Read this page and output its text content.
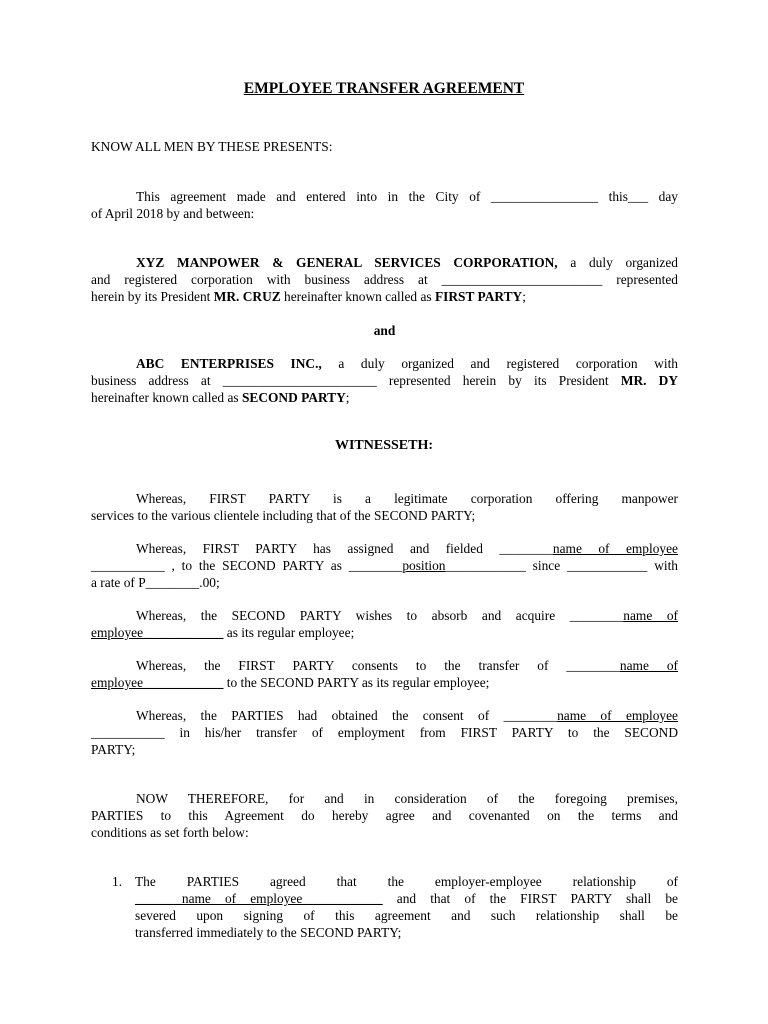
EMPLOYEE TRANSFER AGREEMENT
KNOW ALL MEN BY THESE PRESENTS:
This agreement made and entered into in the City of ________________ this___ day
of April 2018 by and between:
XYZ MANPOWER & GENERAL SERVICES CORPORATION, a duly organized
and registered corporation with business address at ________________________ represented
herein by its President MR. CRUZ hereinafter known called as FIRST PARTY;
and
ABC ENTERPRISES INC., a duly organized and registered corporation with
business address at _______________________ represented herein by its President MR. DY
hereinafter known called as SECOND PARTY;
WITNESSETH:
Whereas, FIRST PARTY is a legitimate corporation offering manpower
services to the various clientele including that of the SECOND PARTY;
Whereas, FIRST PARTY has assigned and fielded ________name of employee
___________ , to the SECOND PARTY as ________position____________ since ____________ with
a rate of P________.00;
Whereas, the SECOND PARTY wishes to absorb and acquire ________name of
employee____________ as its regular employee;
Whereas, the FIRST PARTY consents to the transfer of ________name of
employee____________ to the SECOND PARTY as its regular employee;
Whereas, the PARTIES had obtained the consent of ________name of employee
___________ in his/her transfer of employment from FIRST PARTY to the SECOND
PARTY;
NOW THEREFORE, for and in consideration of the foregoing premises,
PARTIES to this Agreement do hereby agree and covenanted on the terms and
conditions as set forth below:
1. The PARTIES agreed that the employer-employee relationship of
_______name of employee____________ and that of the FIRST PARTY shall be
severed upon signing of this agreement and such relationship shall be
transferred immediately to the SECOND PARTY;
